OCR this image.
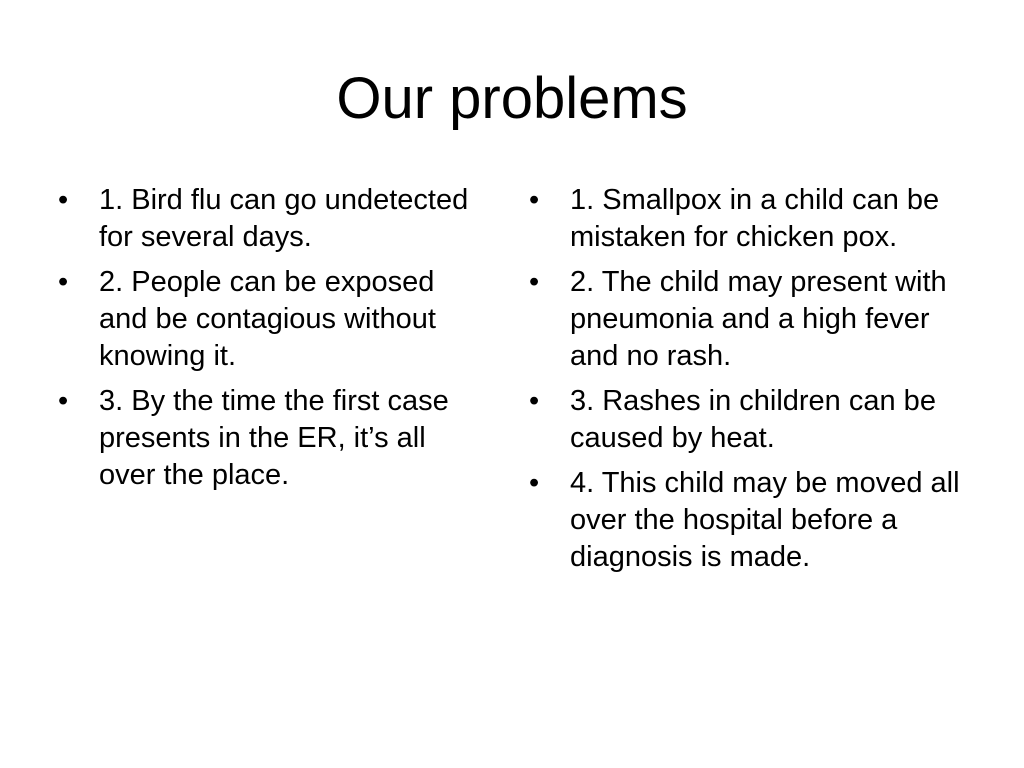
Our problems
•	1. Bird flu can go undetected for several days.
•	2. People can be exposed and be contagious without knowing it.
•	3. By the time the first case presents in the ER, it’s all over the place.
•	1. Smallpox in a child can be mistaken for chicken pox.
•	2. The child may present with pneumonia and a high fever and no rash.
•	3. Rashes in children can be caused by heat.
•	4. This child may be moved all over the hospital before a diagnosis is made.
